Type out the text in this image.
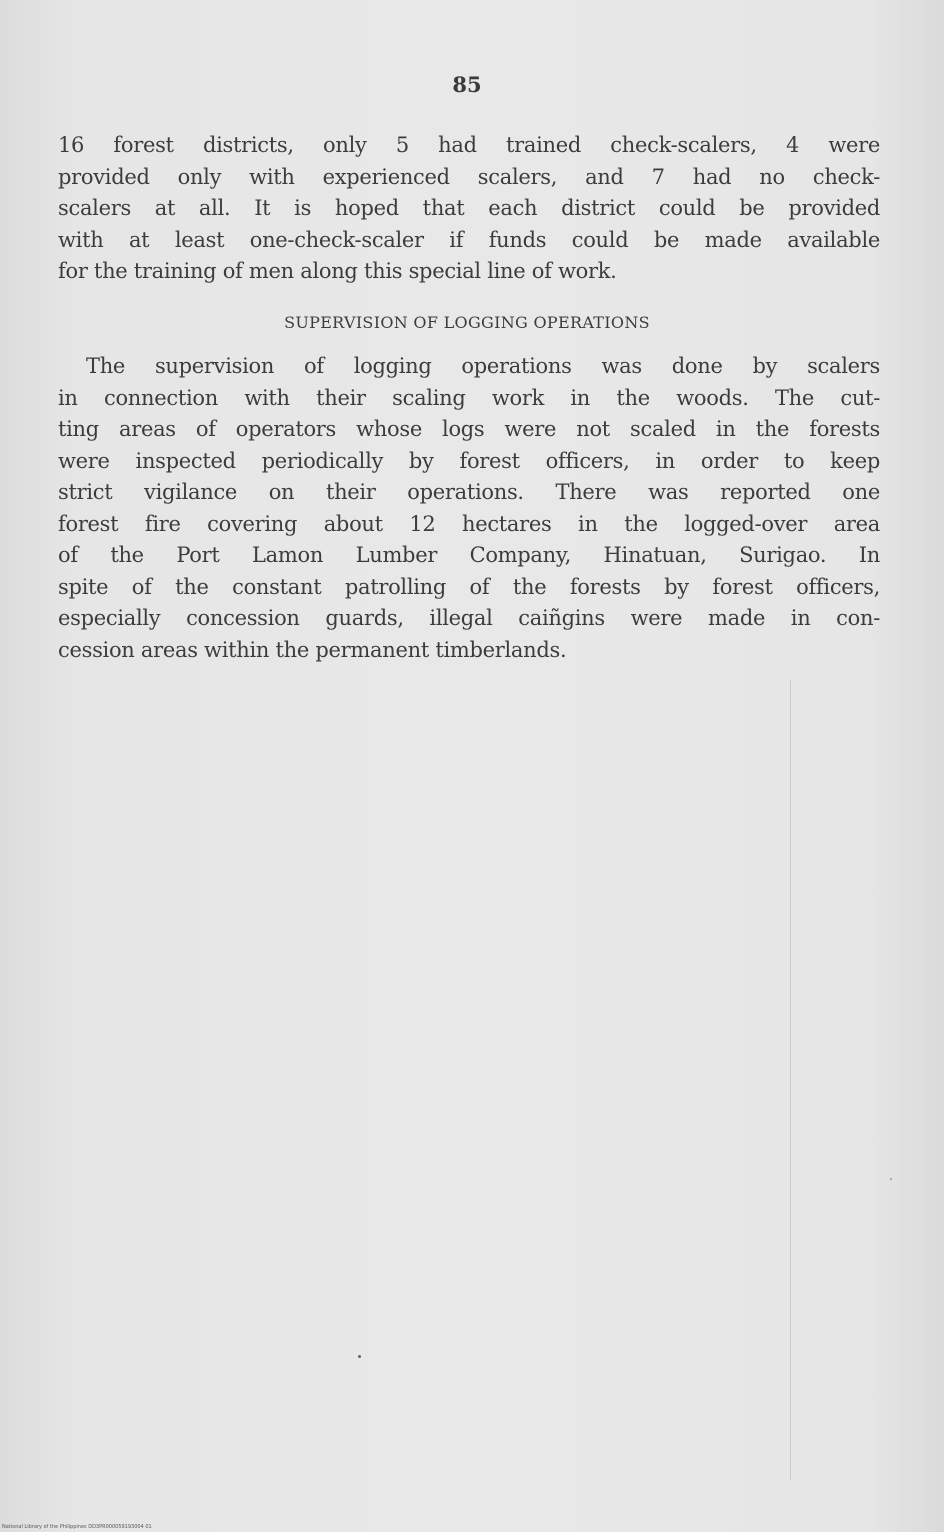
85
16 forest districts, only 5 had trained check-scalers, 4 were
provided only with experienced scalers, and 7 had no check-
scalers at all. It is hoped that each district could be provided
with at least one-check-scaler if funds could be made available
for the training of men along this special line of work.
SUPERVISION OF LOGGING OPERATIONS
The supervision of logging operations was done by scalers
in connection with their scaling work in the woods. The cut-
ting areas of operators whose logs were not scaled in the forests
were inspected periodically by forest officers, in order to keep
strict vigilance on their operations. There was reported one
forest fire covering about 12 hectares in the logged-over area
of the Port Lamon Lumber Company, Hinatuan, Surigao. In
spite of the constant patrolling of the forests by forest officers,
especially concession guards, illegal caiñgins were made in con-
cession areas within the permanent timberlands.
National Library of the Philippines DD3PR000059193004 01
